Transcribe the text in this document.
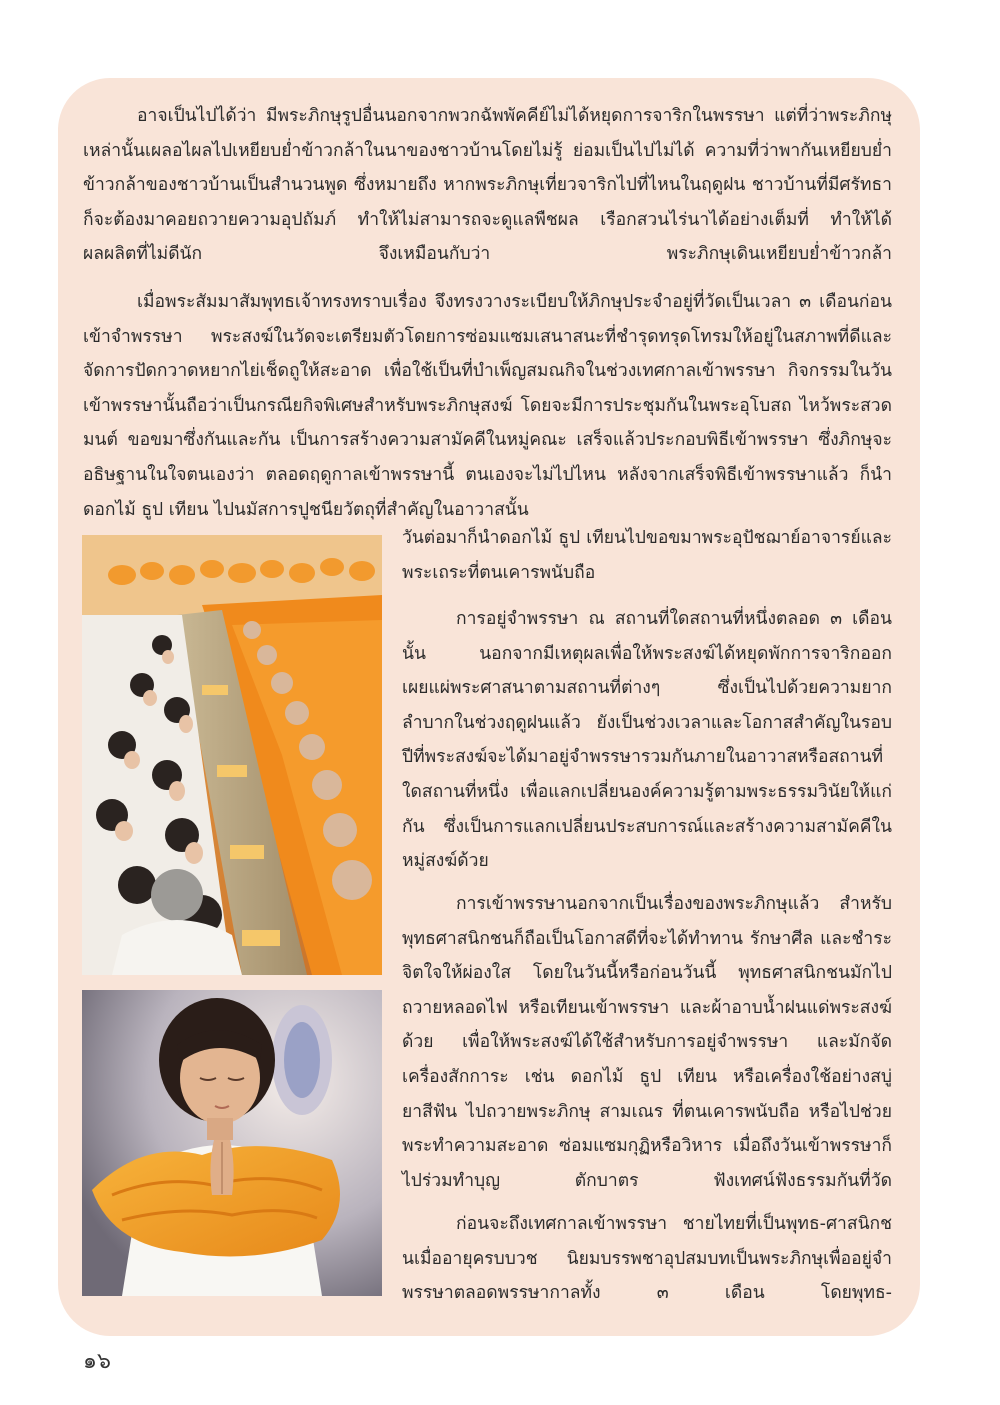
อาจเป็นไปได้ว่า มีพระภิกษุรูปอื่นนอกจากพวกฉัพพัคคีย์ไม่ได้หยุดการจาริกในพรรษา แต่ที่ว่าพระภิกษุเหล่านั้นเผลอไผลไปเหยียบย่ำข้าวกล้าในนาของชาวบ้านโดยไม่รู้ ย่อมเป็นไปไม่ได้ ความที่ว่าพากันเหยียบย่ำข้าวกล้าของชาวบ้านเป็นสำนวนพูด ซึ่งหมายถึง หากพระภิกษุเที่ยวจาริกไปที่ไหนในฤดูฝน ชาวบ้านที่มีศรัทธาก็จะต้องมาคอยถวายความอุปถัมภ์ ทำให้ไม่สามารถจะดูแลพืชผล เรือกสวนไร่นาได้อย่างเต็มที่ ทำให้ได้ผลผลิตที่ไม่ดีนัก จึงเหมือนกับว่า พระภิกษุเดินเหยียบย่ำข้าวกล้า

เมื่อพระสัมมาสัมพุทธเจ้าทรงทราบเรื่อง จึงทรงวางระเบียบให้ภิกษุประจำอยู่ที่วัดเป็นเวลา ๓ เดือนก่อนเข้าจำพรรษา พระสงฆ์ในวัดจะเตรียมตัวโดยการซ่อมแซมเสนาสนะที่ชำรุดทรุดโทรมให้อยู่ในสภาพที่ดีและจัดการปัดกวาดหยากไย่เช็ดถูให้สะอาด เพื่อใช้เป็นที่บำเพ็ญสมณกิจในช่วงเทศกาลเข้าพรรษา กิจกรรมในวันเข้าพรรษานั้นถือว่าเป็นกรณียกิจพิเศษสำหรับพระภิกษุสงฆ์ โดยจะมีการประชุมกันในพระอุโบสถ ไหว้พระสวดมนต์ ขอขมาซึ่งกันและกัน เป็นการสร้างความสามัคคีในหมู่คณะ เสร็จแล้วประกอบพิธีเข้าพรรษา ซึ่งภิกษุจะอธิษฐานในใจตนเองว่า ตลอดฤดูกาลเข้าพรรษานี้ ตนเองจะไม่ไปไหน หลังจากเสร็จพิธีเข้าพรรษาแล้ว ก็นำดอกไม้ ธูป เทียน ไปนมัสการปูชนียวัตถุที่สำคัญในอาวาสนั้น

วันต่อมาก็นำดอกไม้ ธูป เทียนไปขอขมาพระอุปัชฌาย์อาจารย์และพระเถระที่ตนเคารพนับถือ

การอยู่จำพรรษา ณ สถานที่ใดสถานที่หนึ่งตลอด ๓ เดือนนั้น นอกจากมีเหตุผลเพื่อให้พระสงฆ์ได้หยุดพักการจาริกออกเผยแผ่พระศาสนาตามสถานที่ต่างๆ ซึ่งเป็นไปด้วยความยากลำบากในช่วงฤดูฝนแล้ว ยังเป็นช่วงเวลาและโอกาสสำคัญในรอบปีที่พระสงฆ์จะได้มาอยู่จำพรรษารวมกันภายในอาวาสหรือสถานที่ใดสถานที่หนึ่ง เพื่อแลกเปลี่ยนองค์ความรู้ตามพระธรรมวินัยให้แก่กัน ซึ่งเป็นการแลกเปลี่ยนประสบการณ์และสร้างความสามัคคีในหมู่สงฆ์ด้วย

การเข้าพรรษานอกจากเป็นเรื่องของพระภิกษุแล้ว สำหรับพุทธศาสนิกชนก็ถือเป็นโอกาสดีที่จะได้ทำทาน รักษาศีล และชำระจิตใจให้ผ่องใส โดยในวันนี้หรือก่อนวันนี้ พุทธศาสนิกชนมักไปถวายหลอดไฟ หรือเทียนเข้าพรรษา และผ้าอาบน้ำฝนแด่พระสงฆ์ด้วย เพื่อให้พระสงฆ์ได้ใช้สำหรับการอยู่จำพรรษา และมักจัดเครื่องสักการะ เช่น ดอกไม้ ธูป เทียน หรือเครื่องใช้อย่างสบู่ ยาสีฟัน ไปถวายพระภิกษุ สามเณร ที่ตนเคารพนับถือ หรือไปช่วยพระทำความสะอาด ซ่อมแซมกุฏิหรือวิหาร เมื่อถึงวันเข้าพรรษาก็ไปร่วมทำบุญ ตักบาตร ฟังเทศน์ฟังธรรมกันที่วัด

ก่อนจะถึงเทศกาลเข้าพรรษา ชายไทยที่เป็นพุทธ-ศาสนิกชนเมื่ออายุครบบวช นิยมบรรพชาอุปสมบทเป็นพระภิกษุเพื่ออยู่จำพรรษาตลอดพรรษากาลทั้ง ๓ เดือน โดยพุทธ-

๑๖
